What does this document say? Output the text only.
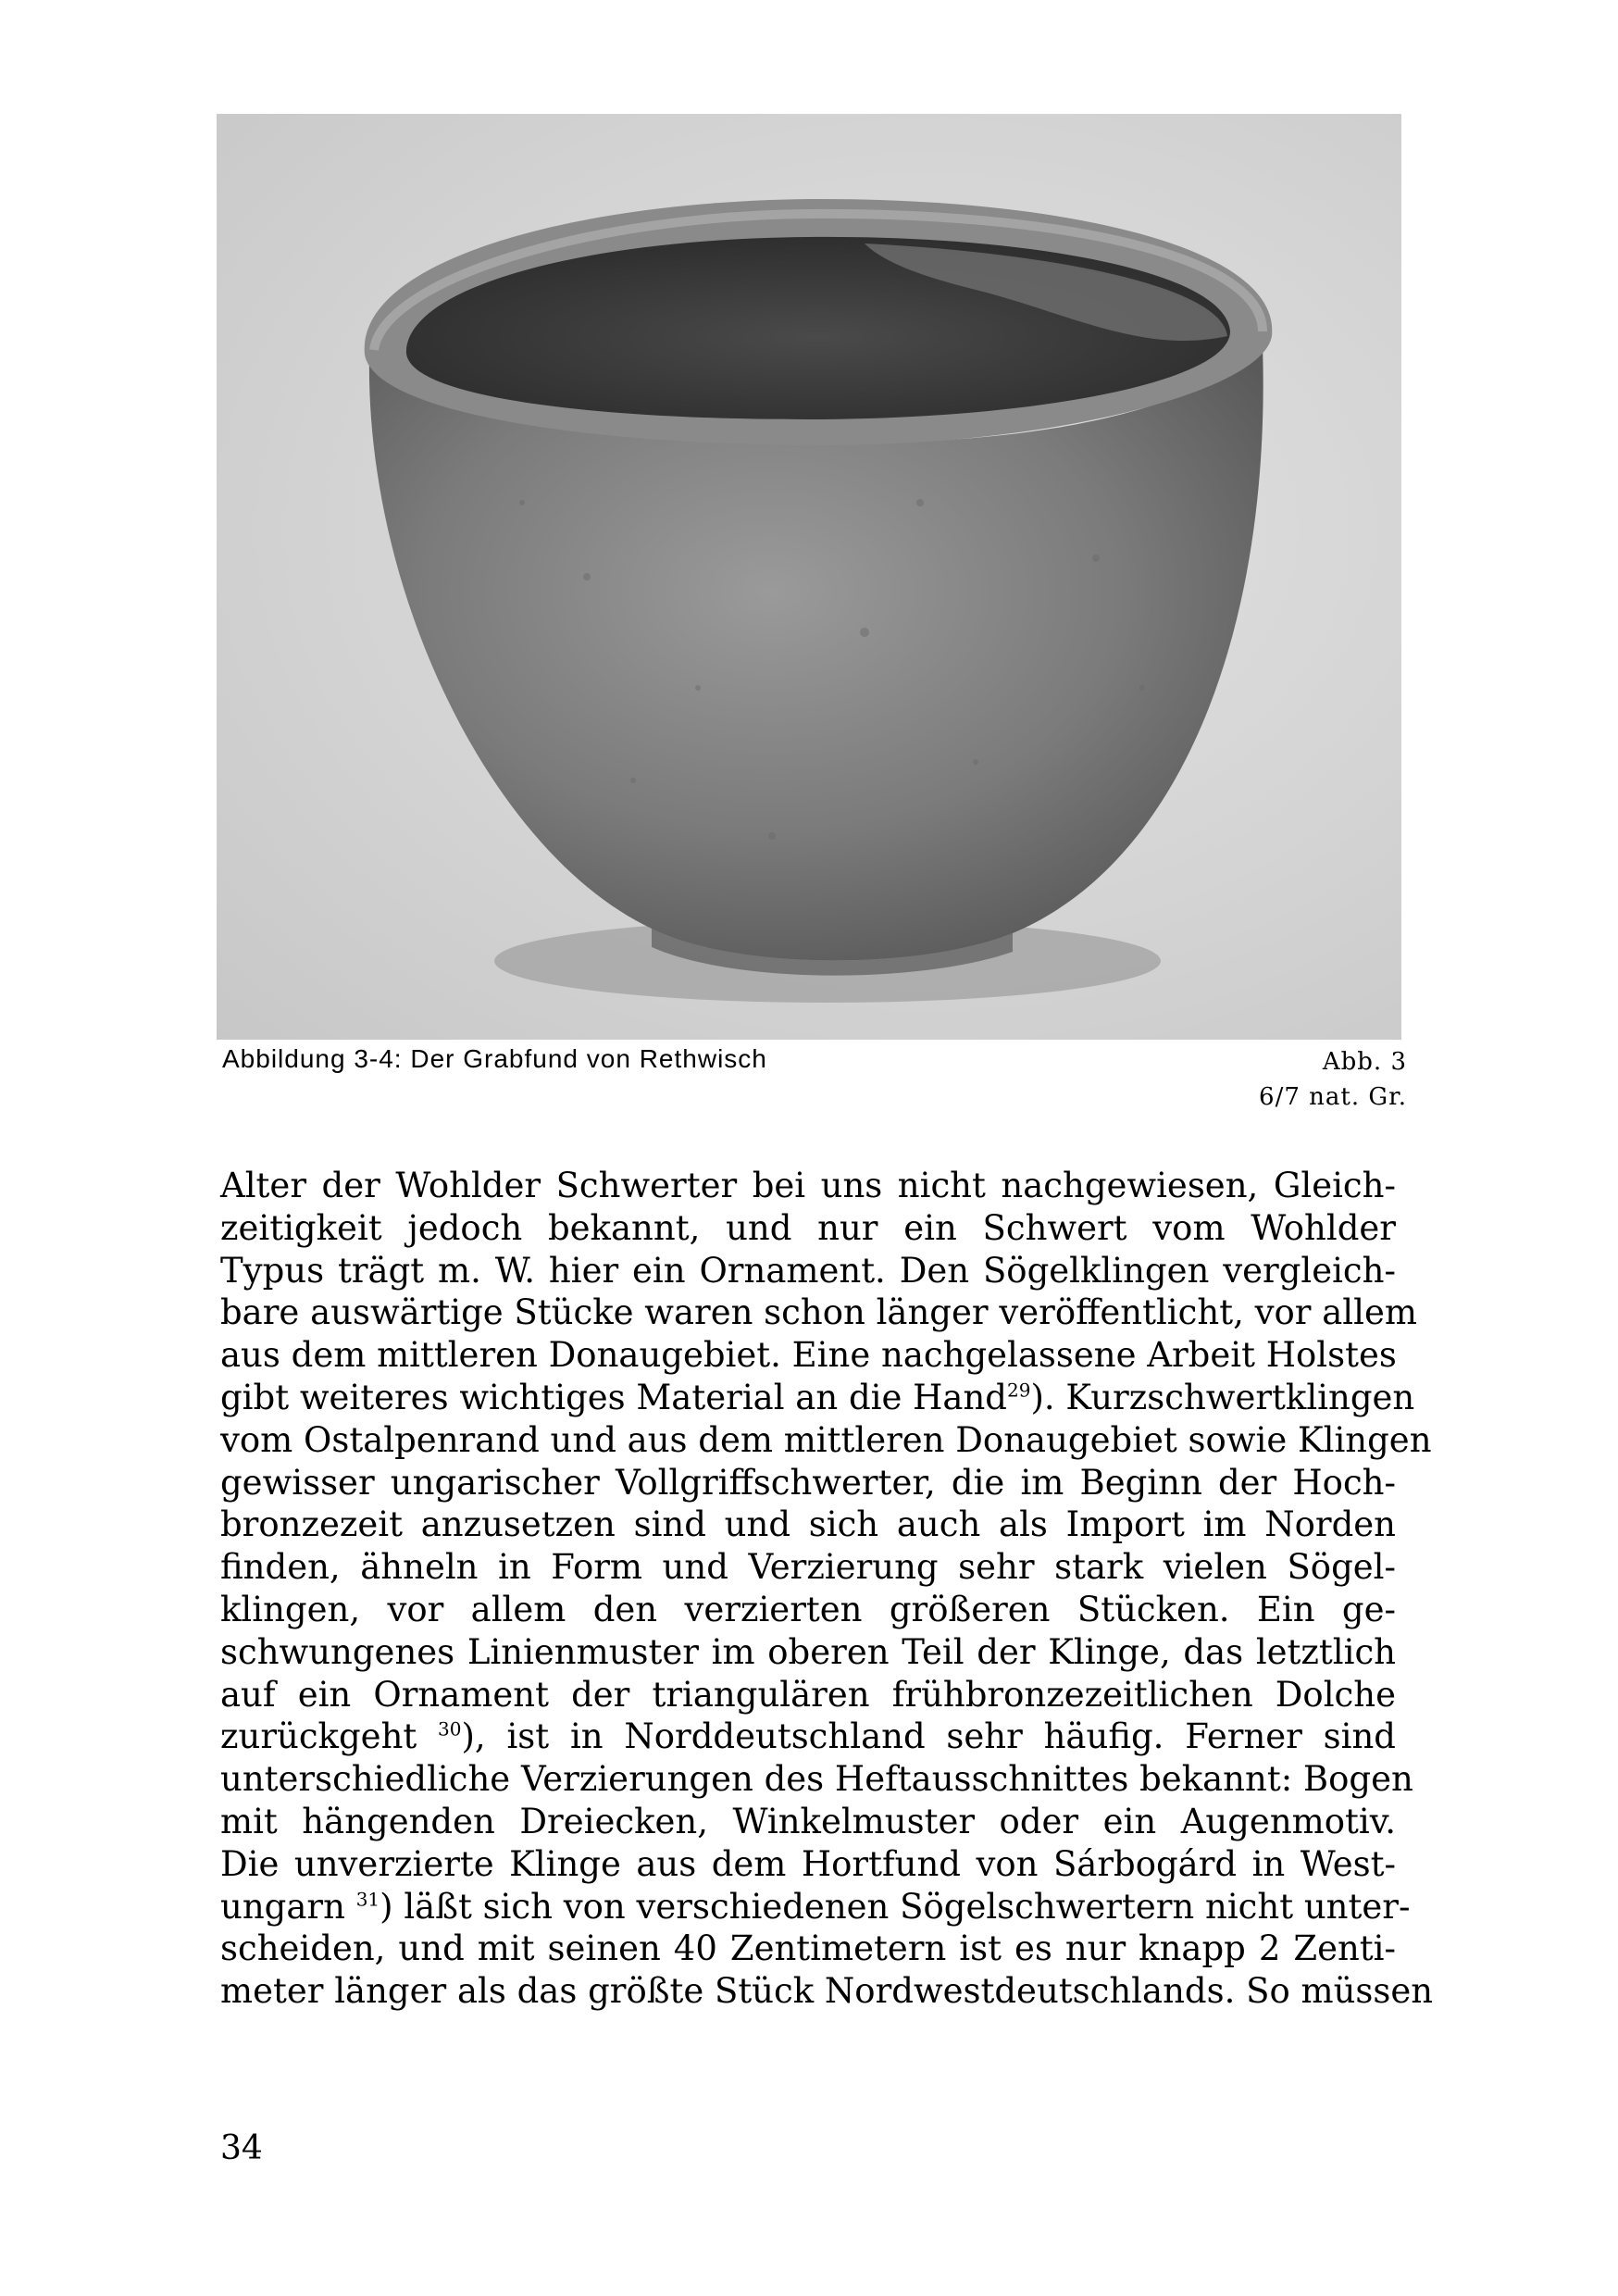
Abbildung 3-4: Der Grabfund von Rethwisch	Abb. 3
6/7 nat. Gr.
Alter der Wohlder Schwerter bei uns nicht nachgewiesen, Gleich-
zeitigkeit jedoch bekannt, und nur ein Schwert vom Wohlder
Typus trägt m. W. hier ein Ornament. Den Sögelklingen vergleich-
bare auswärtige Stücke waren schon länger veröffentlicht, vor allem
aus dem mittleren Donaugebiet. Eine nachgelassene Arbeit Holstes
gibt weiteres wichtiges Material an die Hand$^{29}$). Kurzschwertklingen
vom Ostalpenrand und aus dem mittleren Donaugebiet sowie Klingen
gewisser ungarischer Vollgriffschwerter, die im Beginn der Hoch-
bronzezeit anzusetzen sind und sich auch als Import im Norden
finden, ähneln in Form und Verzierung sehr stark vielen Sögel-
klingen, vor allem den verzierten größeren Stücken. Ein ge-
schwungenes Linienmuster im oberen Teil der Klinge, das letztlich
auf ein Ornament der triangulären frühbronzezeitlichen Dolche
zurückgeht $^{30}$), ist in Norddeutschland sehr häufig. Ferner sind
unterschiedliche Verzierungen des Heftausschnittes bekannt: Bogen
mit hängenden Dreiecken, Winkelmuster oder ein Augenmotiv.
Die unverzierte Klinge aus dem Hortfund von Sárbogárd in West-
ungarn $^{31}$) läßt sich von verschiedenen Sögelschwertern nicht unter-
scheiden, und mit seinen 40 Zentimetern ist es nur knapp 2 Zenti-
meter länger als das größte Stück Nordwestdeutschlands. So müssen
34
